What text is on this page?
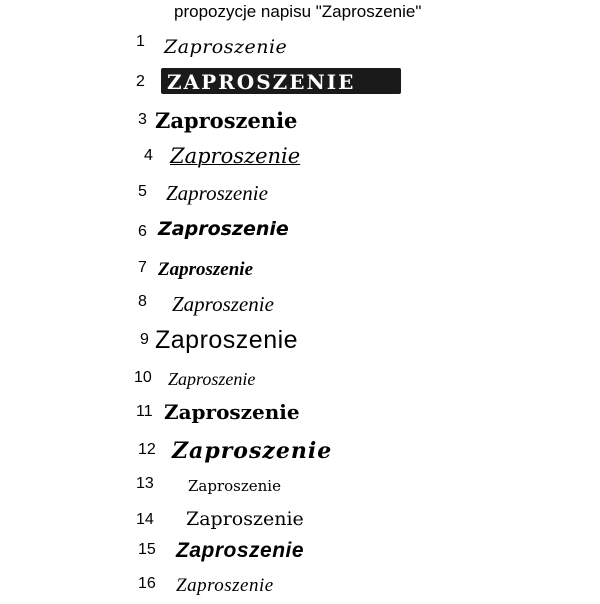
propozycje napisu "Zaproszenie"
1 Zaproszenie
2 ZAPROSZENIE
3 Zaproszenie
4 Zaproszenie
5 Zaproszenie
6 Zaproszenie
7 Zaproszenie
8 Zaproszenie
9 Zaproszenie
10 Zaproszenie
11 Zaproszenie
12 Zaproszenie
13 Zaproszenie
14 Zaproszenie
15 Zaproszenie
16 Zaproszenie
